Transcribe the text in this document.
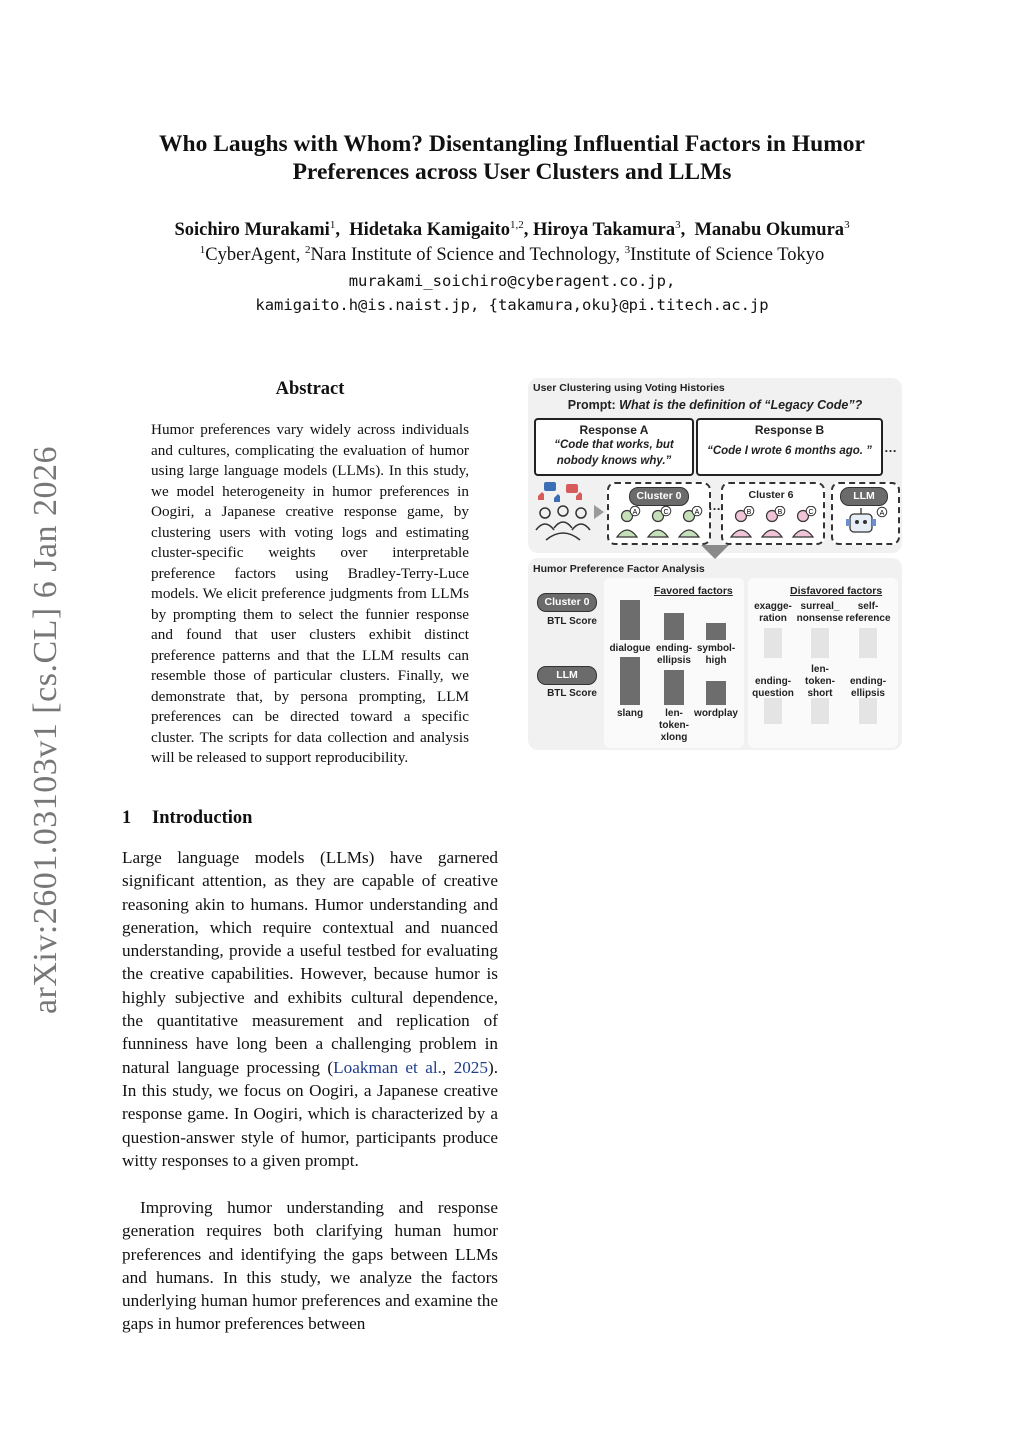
arXiv:2601.03103v1 [cs.CL] 6 Jan 2026
Who Laughs with Whom? Disentangling Influential Factors in Humor
Preferences across User Clusters and LLMs
Soichiro Murakami$^1$,  Hidetaka Kamigaito$^{1,2}$, Hiroya Takamura$^3$,  Manabu Okumura$^3$
$^1$CyberAgent, $^2$Nara Institute of Science and Technology, $^3$Institute of Science Tokyo
murakami_soichiro@cyberagent.co.jp,
kamigaito.h@is.naist.jp, {takamura,oku}@pi.titech.ac.jp
Abstract
Humor preferences vary widely across individuals and cultures, complicating the evaluation of humor using large language models (LLMs). In this study, we model heterogeneity in humor preferences in Oogiri, a Japanese creative response game, by clustering users with voting logs and estimating cluster-specific weights over interpretable preference factors using Bradley-Terry-Luce models. We elicit preference judgments from LLMs by prompting them to select the funnier response and found that user clusters exhibit distinct preference patterns and that the LLM results can resemble those of particular clusters. Finally, we demonstrate that, by persona prompting, LLM preferences can be directed toward a specific cluster. The scripts for data collection and analysis will be released to support reproducibility.
1 Introduction

Large language models (LLMs) have garnered significant attention, as they are capable of creative reasoning akin to humans. Humor understanding and generation, which require contextual and nuanced understanding, provide a useful testbed for evaluating the creative capabilities. However, because humor is highly subjective and exhibits cultural dependence, the quantitative measurement and replication of funniness have long been a challenging problem in natural language processing (Loakman et al., 2025). In this study, we focus on Oogiri, a Japanese creative response game. In Oogiri, which is characterized by a question-answer style of humor, participants produce witty responses to a given prompt.

Improving humor understanding and response generation requires both clarifying human humor preferences and identifying the gaps between LLMs and humans. In this study, we analyze the factors underlying human humor preferences and examine the gaps in humor preferences between

User Clustering using Voting Histories
Prompt: What is the definition of “Legacy Code”?
Response A
“Code that works, but
nobody knows why.”
Response B
“Code I wrote 6 months ago. ” …
Cluster 0
A	C	A …
Cluster 6
B	B	C
LLM
A
Humor Preference Factor Analysis
Favored factors	Disfavored factors
Cluster 0
BTL Score
LLM
BTL Score
dialogue ending-
ellipsis
symbol-
high
exagge-
ration
surreal_
nonsense
self-
reference
slang	len-
token-
xlong
wordplay
ending-
question
len-
token-
short
ending-
ellipsis
